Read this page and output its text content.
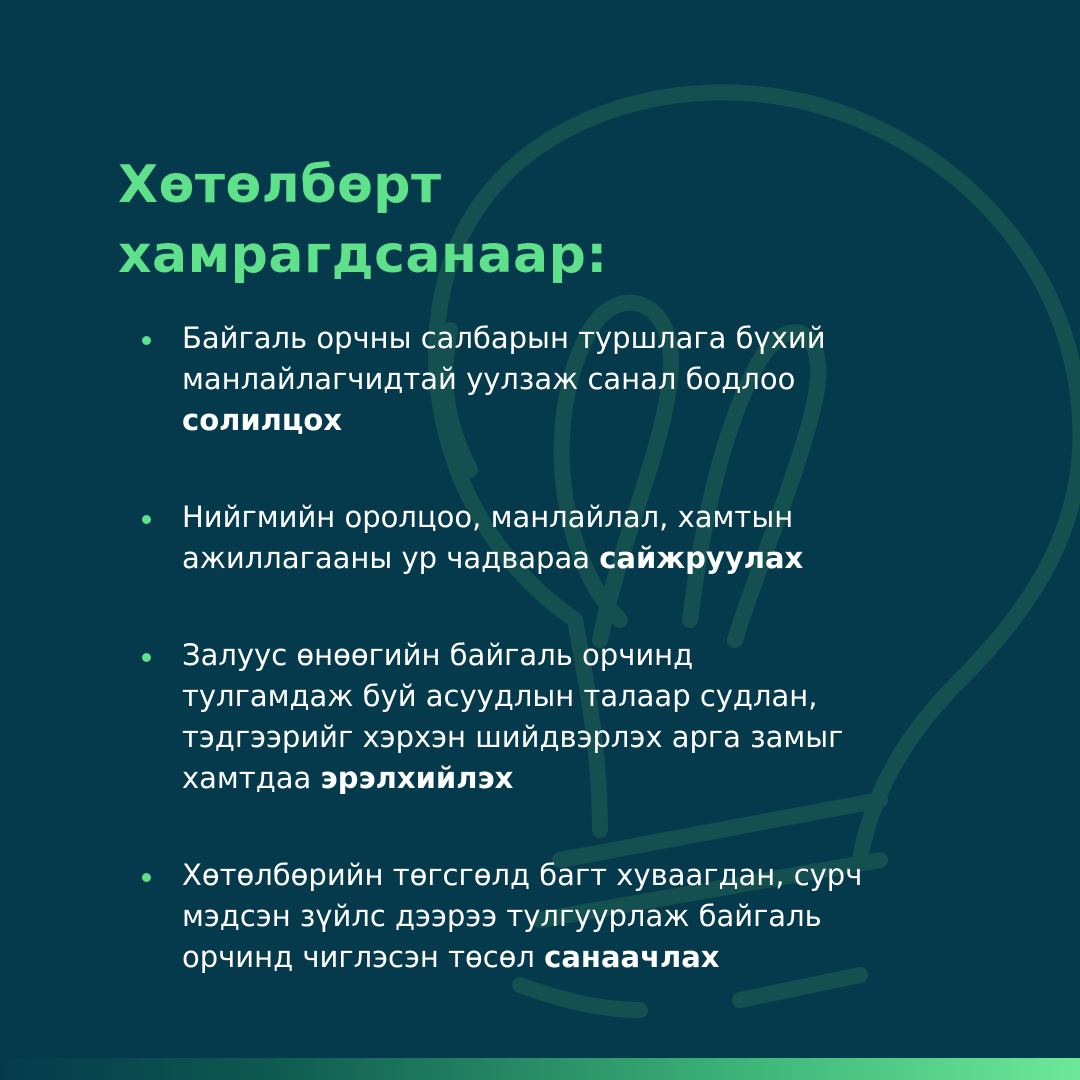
Хөтөлбөрт
хамрагдсанаар:
Байгаль орчны салбарын туршлага бүхий
манлайлагчидтай уулзаж санал бодлоо
солилцох
Нийгмийн оролцоо, манлайлал, хамтын
ажиллагааны ур чадвараа сайжруулах
Залуус өнөөгийн байгаль орчинд
тулгамдаж буй асуудлын талаар судлан,
тэдгээрийг хэрхэн шийдвэрлэх арга замыг
хамтдаа эрэлхийлэх
Хөтөлбөрийн төгсгөлд багт хуваагдан, сурч
мэдсэн зүйлс дээрээ тулгуурлаж байгаль
орчинд чиглэсэн төсөл санаачлах
